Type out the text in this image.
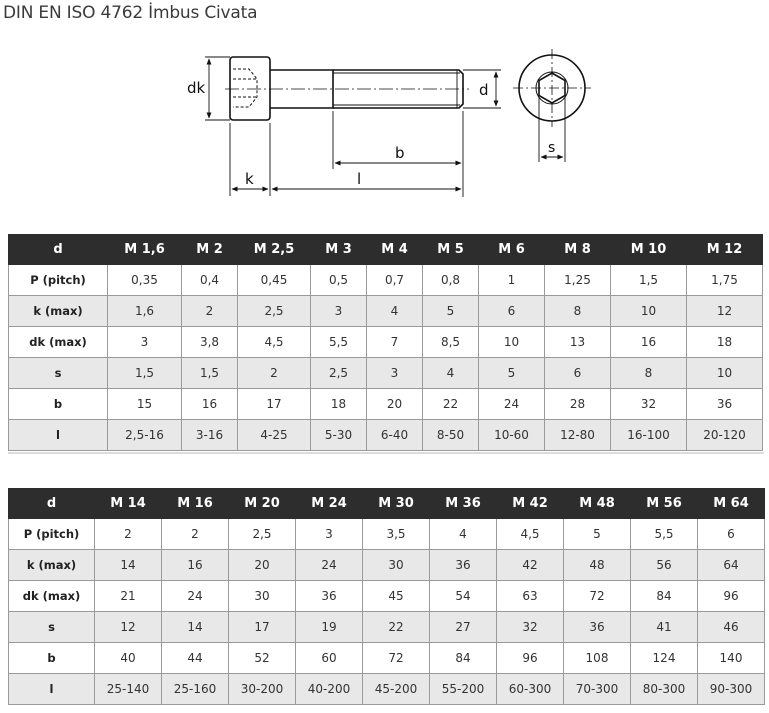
DIN EN ISO 4762 İmbus Civata
dk	d
b
k	l
s
d	M 1,6	M 2	M 2,5	M 3	M 4	M 5	M 6	M 8	M 10	M 12
P (pitch)	0,35	0,4	0,45	0,5	0,7	0,8	1	1,25	1,5	1,75
k (max)	1,6	2	2,5	3	4	5	6	8	10	12
dk (max)	3	3,8	4,5	5,5	7	8,5	10	13	16	18
s	1,5	1,5	2	2,5	3	4	5	6	8	10
b	15	16	17	18	20	22	24	28	32	36
l	2,5-16	3-16	4-25	5-30	6-40	8-50	10-60	12-80	16-100	20-120
d	M 14	M 16	M 20	M 24	M 30	M 36	M 42	M 48	M 56	M 64
P (pitch)	2	2	2,5	3	3,5	4	4,5	5	5,5	6
k (max)	14	16	20	24	30	36	42	48	56	64
dk (max)	21	24	30	36	45	54	63	72	84	96
s	12	14	17	19	22	27	32	36	41	46
b	40	44	52	60	72	84	96	108	124	140
l	25-140	25-160	30-200	40-200	45-200	55-200	60-300	70-300	80-300	90-300
